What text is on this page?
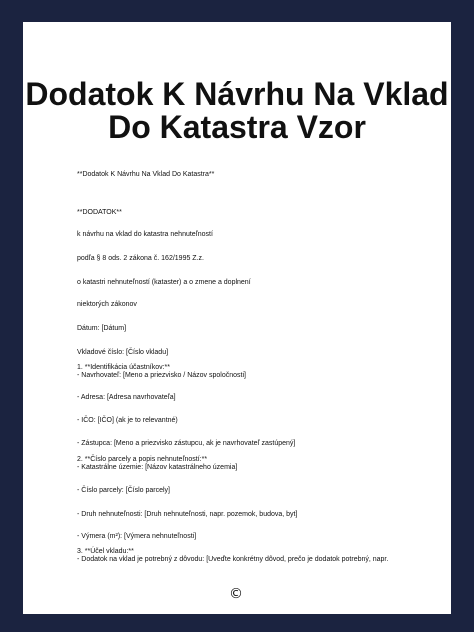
Dodatok K Návrhu Na Vklad Do Katastra Vzor
**Dodatok K Návrhu Na Vklad Do Katastra**
**DODATOK**
k návrhu na vklad do katastra nehnuteľností
podľa § 8 ods. 2 zákona č. 162/1995 Z.z.
o katastri nehnuteľností (kataster) a o zmene a doplnení
niektorých zákonov
Dátum: [Dátum]
Vkladové číslo: [Číslo vkladu]
1. **Identifikácia účastníkov:**
- Navrhovateľ: [Meno a priezvisko / Názov spoločnosti]
- Adresa: [Adresa navrhovateľa]
- IČO: [IČO] (ak je to relevantné)
- Zástupca: [Meno a priezvisko zástupcu, ak je navrhovateľ zastúpený]
2. **Číslo parcely a popis nehnuteľností:**
- Katastrálne územie: [Názov katastrálneho územia]
- Číslo parcely: [Číslo parcely]
- Druh nehnuteľnosti: [Druh nehnuteľnosti, napr. pozemok, budova, byt]
- Výmera (m²): [Výmera nehnuteľnosti]
3. **Účel vkladu:**
- Dodatok na vklad je potrebný z dôvodu: [Uveďte konkrétny dôvod, prečo je dodatok potrebný, napr.
©
